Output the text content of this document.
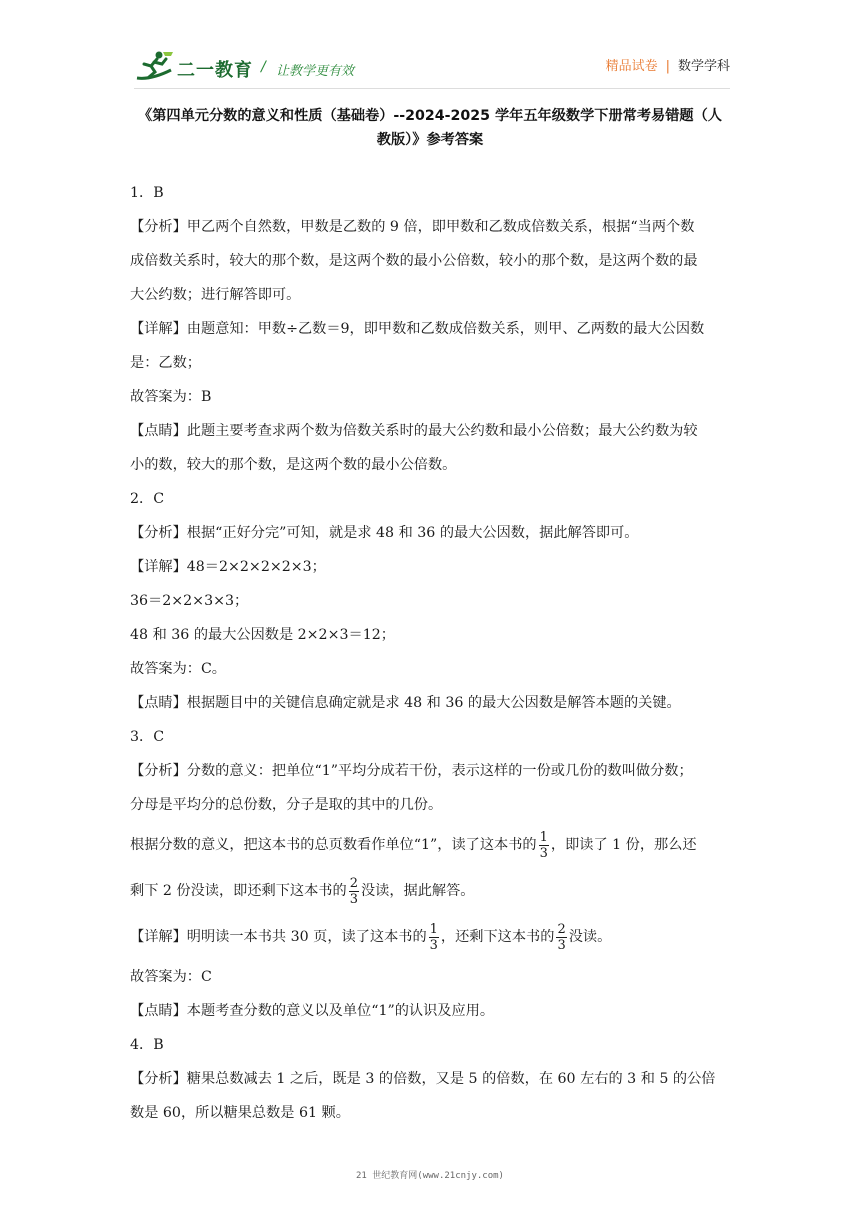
二一教育 / 让教学更有效	精品试卷 | 数学学科
《第四单元分数的意义和性质（基础卷）--2024-2025 学年五年级数学下册常考易错题（人
教版）》参考答案

1．B

【分析】甲乙两个自然数，甲数是乙数的 9 倍，即甲数和乙数成倍数关系，根据“当两个数

成倍数关系时，较大的那个数，是这两个数的最小公倍数，较小的那个数，是这两个数的最

大公约数；进行解答即可。

【详解】由题意知：甲数÷乙数＝9，即甲数和乙数成倍数关系，则甲、乙两数的最大公因数

是：乙数；

故答案为：B

【点睛】此题主要考查求两个数为倍数关系时的最大公约数和最小公倍数；最大公约数为较

小的数，较大的那个数，是这两个数的最小公倍数。

2．C

【分析】根据“正好分完”可知，就是求 48 和 36 的最大公因数，据此解答即可。

【详解】48＝2×2×2×2×3；

36＝2×2×3×3；

48 和 36 的最大公因数是 2×2×3＝12；

故答案为：C。

【点睛】根据题目中的关键信息确定就是求 48 和 36 的最大公因数是解答本题的关键。

3．C

【分析】分数的意义：把单位“1”平均分成若干份，表示这样的一份或几份的数叫做分数；

分母是平均分的总份数，分子是取的其中的几份。

根据分数的意义，把这本书的总页数看作单位“1”，读了这本书的 $\frac{1}{3}$ ，即读了 1 份，那么还

剩下 2 份没读，即还剩下这本书的 $\frac{2}{3}$ 没读，据此解答。

【详解】明明读一本书共 30 页，读了这本书的 $\frac{1}{3}$ ，还剩下这本书的 $\frac{2}{3}$ 没读。

故答案为：C

【点睛】本题考查分数的意义以及单位“1”的认识及应用。

4．B

【分析】糖果总数减去 1 之后，既是 3 的倍数，又是 5 的倍数，在 60 左右的 3 和 5 的公倍

数是 60，所以糖果总数是 61 颗。

21 世纪教育网(www.21cnjy.com)
